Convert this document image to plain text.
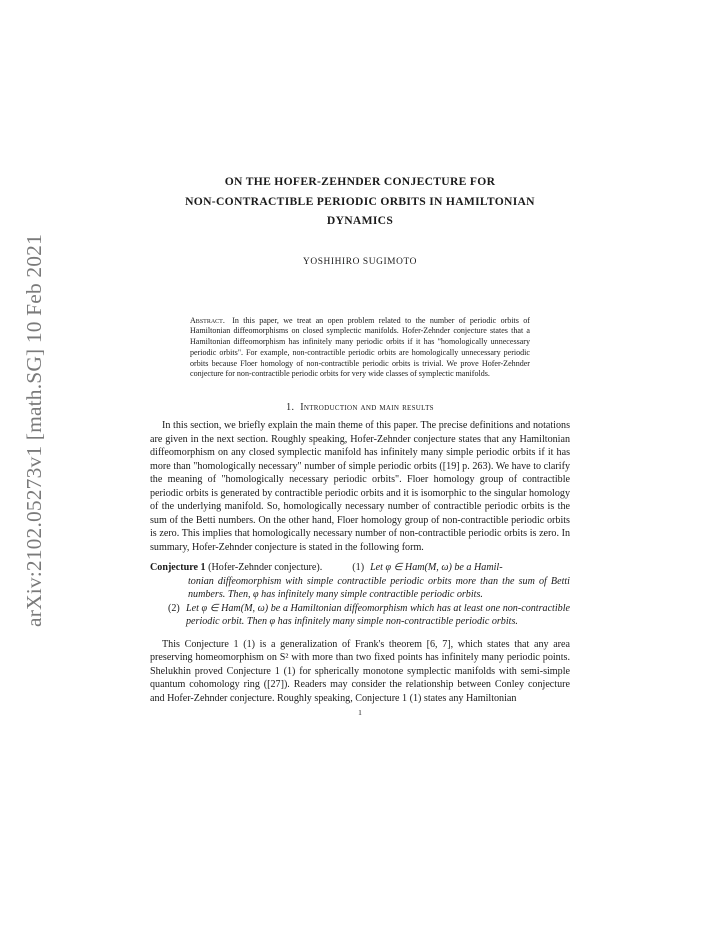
arXiv:2102.05273v1 [math.SG] 10 Feb 2021
ON THE HOFER-ZEHNDER CONJECTURE FOR
NON-CONTRACTIBLE PERIODIC ORBITS IN HAMILTONIAN
DYNAMICS
YOSHIHIRO SUGIMOTO
Abstract. In this paper, we treat an open problem related to the number of periodic orbits of Hamiltonian diffeomorphisms on closed symplectic manifolds. Hofer-Zehnder conjecture states that a Hamiltonian diffeomorphism has infinitely many periodic orbits if it has "homologically unnecessary periodic orbits". For example, non-contractible periodic orbits are homologically unnecessary periodic orbits because Floer homology of non-contractible periodic orbits is trivial. We prove Hofer-Zehnder conjecture for non-contractible periodic orbits for very wide classes of symplectic manifolds.
1. Introduction and main results
In this section, we briefly explain the main theme of this paper. The precise definitions and notations are given in the next section. Roughly speaking, Hofer-Zehnder conjecture states that any Hamiltonian diffeomorphism on any closed symplectic manifold has infinitely many simple periodic orbits if it has more than "homologically necessary" number of simple periodic orbits ([19] p. 263). We have to clarify the meaning of "homologically necessary periodic orbits". Floer homology group of contractible periodic orbits is generated by contractible periodic orbits and it is isomorphic to the singular homology of the underlying manifold. So, homologically necessary number of contractible periodic orbits is the sum of the Betti numbers. On the other hand, Floer homology group of non-contractible periodic orbits is zero. This implies that homologically necessary number of non-contractible periodic orbits is zero. In summary, Hofer-Zehnder conjecture is stated in the following form.
Conjecture 1 (Hofer-Zehnder conjecture).	(1) Let φ ∈ Ham(M, ω) be a Hamil-
tonian diffeomorphism with simple contractible periodic orbits more than the sum of Betti numbers. Then, φ has infinitely many simple contractible periodic orbits.
(2) Let φ ∈ Ham(M, ω) be a Hamiltonian diffeomorphism which has at least one non-contractible periodic orbit. Then φ has infinitely many simple non-contractible periodic orbits.
This Conjecture 1 (1) is a generalization of Frank's theorem [6, 7], which states that any area preserving homeomorphism on S² with more than two fixed points has infinitely many periodic points. Shelukhin proved Conjecture 1 (1) for spherically monotone symplectic manifolds with semi-simple quantum cohomology ring ([27]). Readers may consider the relationship between Conley conjecture and Hofer-Zehnder conjecture. Roughly speaking, Conjecture 1 (1) states any Hamiltonian
1
